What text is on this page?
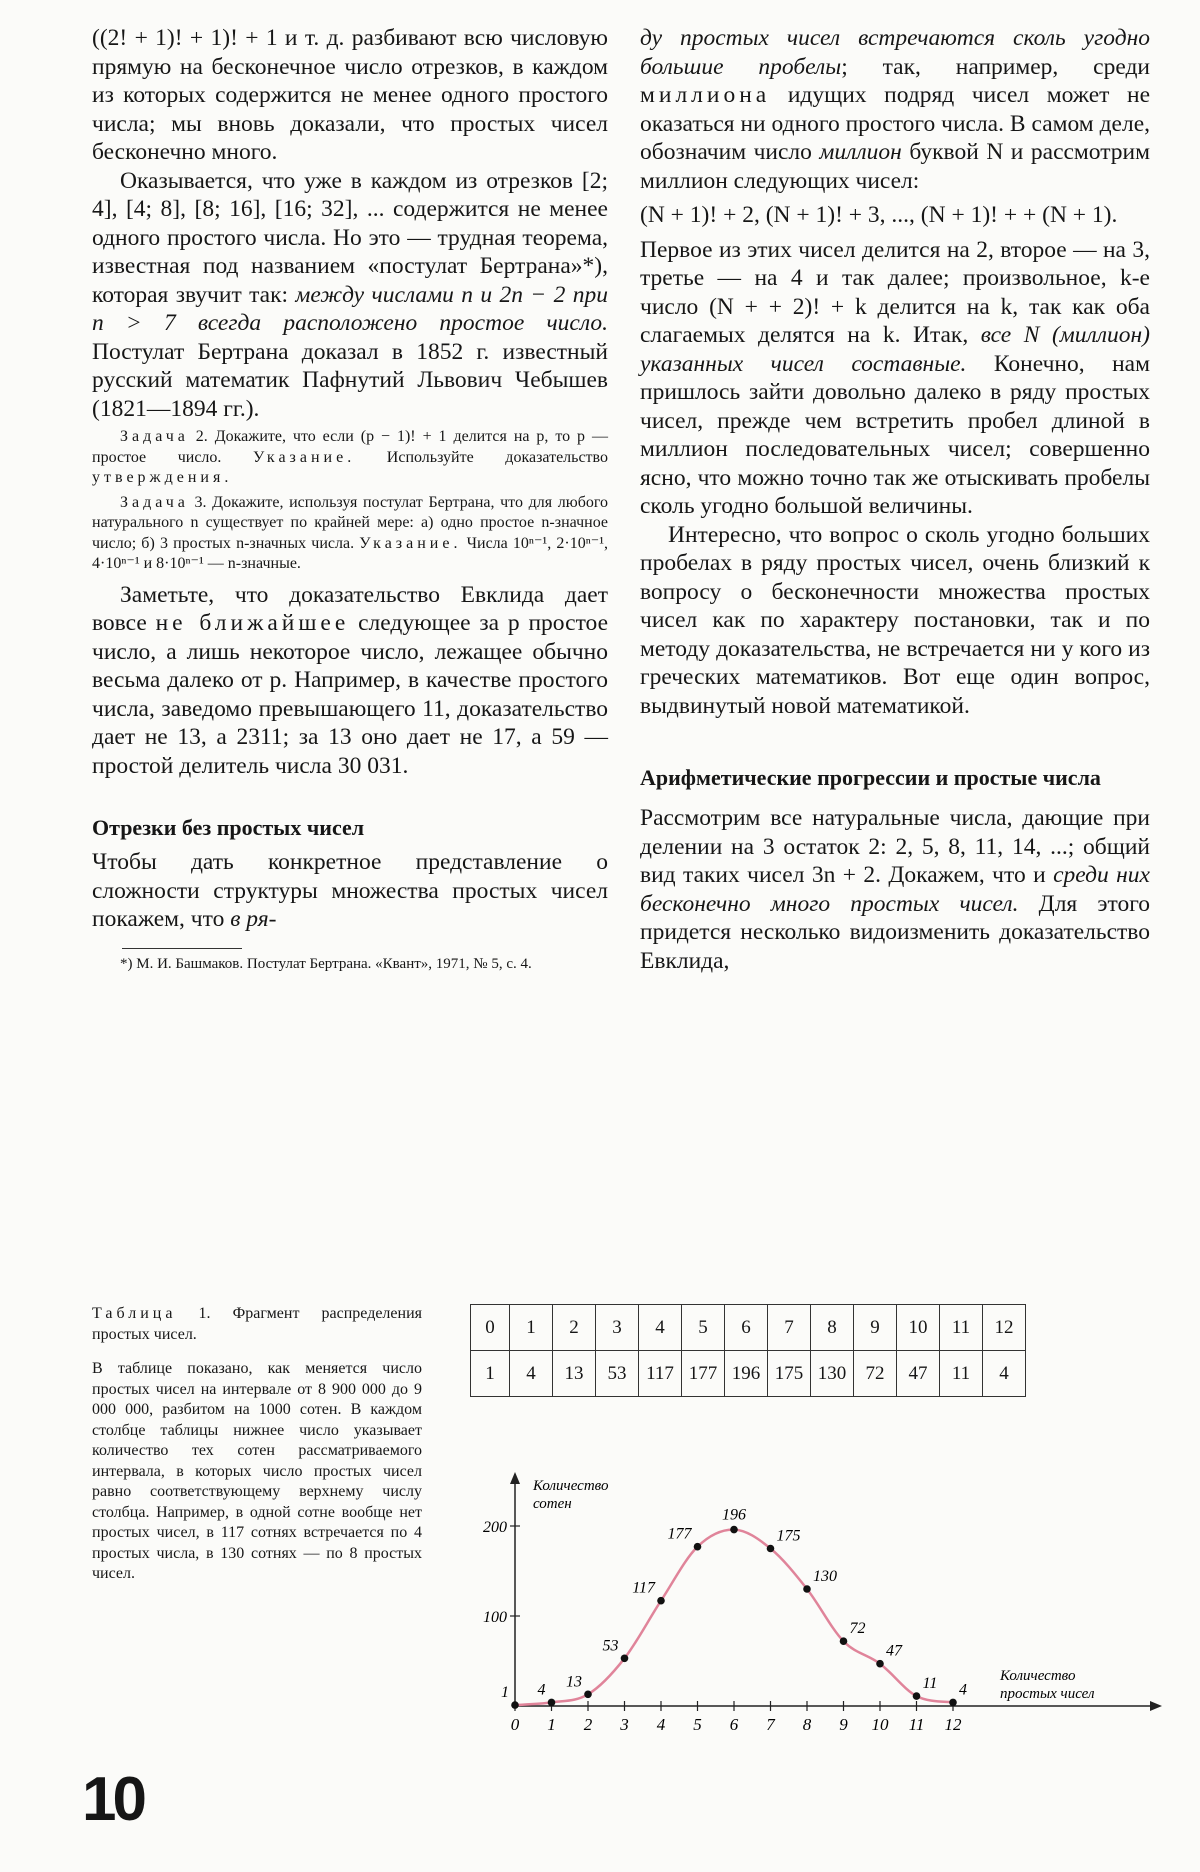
((2! + 1)! + 1)! + 1 и т. д. разбивают всю числовую прямую на бесконечное число отрезков, в каждом из которых содержится не менее одного простого числа; мы вновь доказали, что простых чисел бесконечно много.

Оказывается, что уже в каждом из отрезков [2; 4], [4; 8], [8; 16], [16; 32], ... содержится не менее одного простого числа. Но это — трудная теорема, известная под названием «постулат Бертрана»*), которая звучит так: между числами n и 2n − 2 при n > 7 всегда расположено простое число. Постулат Бертрана доказал в 1852 г. известный русский математик Пафнутий Львович Чебышев (1821—1894 гг.).

Задача 2. Докажите, что если (p − 1)! + 1 делится на p, то p — простое число. Указание. Используйте доказательство утверждения.

Задача 3. Докажите, используя постулат Бертрана, что для любого натурального n существует по крайней мере: а) одно простое n-значное число; б) 3 простых n-значных числа. Указание. Числа 10ⁿ⁻¹, 2·10ⁿ⁻¹, 4·10ⁿ⁻¹ и 8·10ⁿ⁻¹ — n-значные.

Заметьте, что доказательство Евклида дает вовсе не ближайшее следующее за p простое число, а лишь некоторое число, лежащее обычно весьма далеко от p. Например, в качестве простого числа, заведомо превышающего 11, доказательство дает не 13, а 2311; за 13 оно дает не 17, а 59 — простой делитель числа 30 031.

Отрезки без простых чисел

Чтобы дать конкретное представление о сложности структуры множества простых чисел покажем, что в ря-

*) М. И. Башмаков. Постулат Бертрана. «Квант», 1971, № 5, с. 4.

ду простых чисел встречаются сколь угодно большие пробелы; так, например, среди миллиона идущих подряд чисел может не оказаться ни одного простого числа. В самом деле, обозначим число миллион буквой N и рассмотрим миллион следующих чисел:

(N + 1)! + 2, (N + 1)! + 3, ..., (N + 1)! + + (N + 1).

Первое из этих чисел делится на 2, второе — на 3, третье — на 4 и так далее; произвольное, k-е число (N + + 2)! + k делится на k, так как оба слагаемых делятся на k. Итак, все N (миллион) указанных чисел составные. Конечно, нам пришлось зайти довольно далеко в ряду простых чисел, прежде чем встретить пробел длиной в миллион последовательных чисел; совершенно ясно, что можно точно так же отыскивать пробелы сколь угодно большой величины.

Интересно, что вопрос о сколь угодно больших пробелах в ряду простых чисел, очень близкий к вопросу о бесконечности множества простых чисел как по характеру постановки, так и по методу доказательства, не встречается ни у кого из греческих математиков. Вот еще один вопрос, выдвинутый новой математикой.

Арифметические прогрессии и простые числа

Рассмотрим все натуральные числа, дающие при делении на 3 остаток 2: 2, 5, 8, 11, 14, ...; общий вид таких чисел 3n + 2. Докажем, что и среди них бесконечно много простых чисел. Для этого придется несколько видоизменить доказательство Евклида,

Таблица 1. Фрагмент распределения простых чисел.

В таблице показано, как меняется число простых чисел на интервале от 8 900 000 до 9 000 000, разбитом на 1000 сотен. В каждом столбце таблицы нижнее число указывает количество тех сотен рассматриваемого интервала, в которых число простых чисел равно соответствующему верхнему числу столбца. Например, в одной сотне вообще нет простых чисел, в 117 сотнях встречается по 4 простых числа, в 130 сотнях — по 8 простых чисел.

0	1	2	3	4	5	6	7	8	9	10	11	12
1	4	13	53	117	177	196	175	130	72	47	11	4
100
200
0 1 2 3 4 5 6 7 8 9 10 11 12
Количество
сотен
Количество
простых чисел
1 4 13
53
117
177
196
175
130
72
47
11 4
10
